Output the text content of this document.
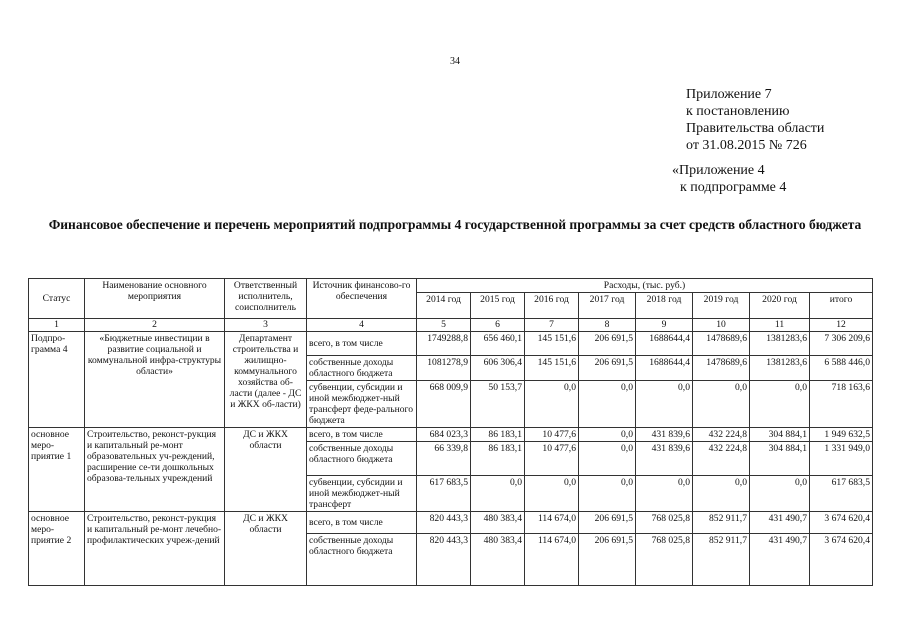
34
Приложение 7
к постановлению
Правительства области
от 31.08.2015 № 726
«Приложение 4
к подпрограмме 4
Финансовое обеспечение и перечень мероприятий подпрограммы 4 государственной программы за счет средств областного бюджета
Статус	Наименование основного мероприятия	Ответственный исполнитель, соисполнитель	Источник финансово-го обеспечения	Расходы, (тыс. руб.)							
				2014 год	2015 год	2016 год	2017 год	2018 год	2019 год	2020 год	итого
1	2	3	4	5	6	7	8	9	10	11	12
Подпро-грамма 4	«Бюджетные инвестиции в развитие социальной и коммунальной инфра-структуры области»	Департамент строительства и жилищно-коммунального хозяйства об-ласти (далее - ДС и ЖКХ об-ласти)	всего, в том числе	1749288,8	656 460,1	145 151,6	206 691,5	1688644,4	1478689,6	1381283,6	7 306 209,6
			собственные доходы областного бюджета	1081278,9	606 306,4	145 151,6	206 691,5	1688644,4	1478689,6	1381283,6	6 588 446,0
			субвенции, субсидии и иной межбюджет-ный трансферт феде-рального бюджета	668 009,9	50 153,7	0,0	0,0	0,0	0,0	0,0	718 163,6
основное меро-приятие 1	Строительство, реконст-рукция и капитальный ре-монт образовательных уч-реждений, расширение се-ти дошкольных образова-тельных учреждений	ДС и ЖКХ области	всего, в том числе	684 023,3	86 183,1	10 477,6	0,0	431 839,6	432 224,8	304 884,1	1 949 632,5
			собственные доходы областного бюджета	66 339,8	86 183,1	10 477,6	0,0	431 839,6	432 224,8	304 884,1	1 331 949,0
			субвенции, субсидии и иной межбюджет-ный трансферт	617 683,5	0,0	0,0	0,0	0,0	0,0	0,0	617 683,5
основное меро-приятие 2	Строительство, реконст-рукция и капитальный ре-монт лечебно-профилактических учреж-дений	ДС и ЖКХ области	всего, в том числе	820 443,3	480 383,4	114 674,0	206 691,5	768 025,8	852 911,7	431 490,7	3 674 620,4
			собственные доходы областного бюджета	820 443,3	480 383,4	114 674,0	206 691,5	768 025,8	852 911,7	431 490,7	3 674 620,4
